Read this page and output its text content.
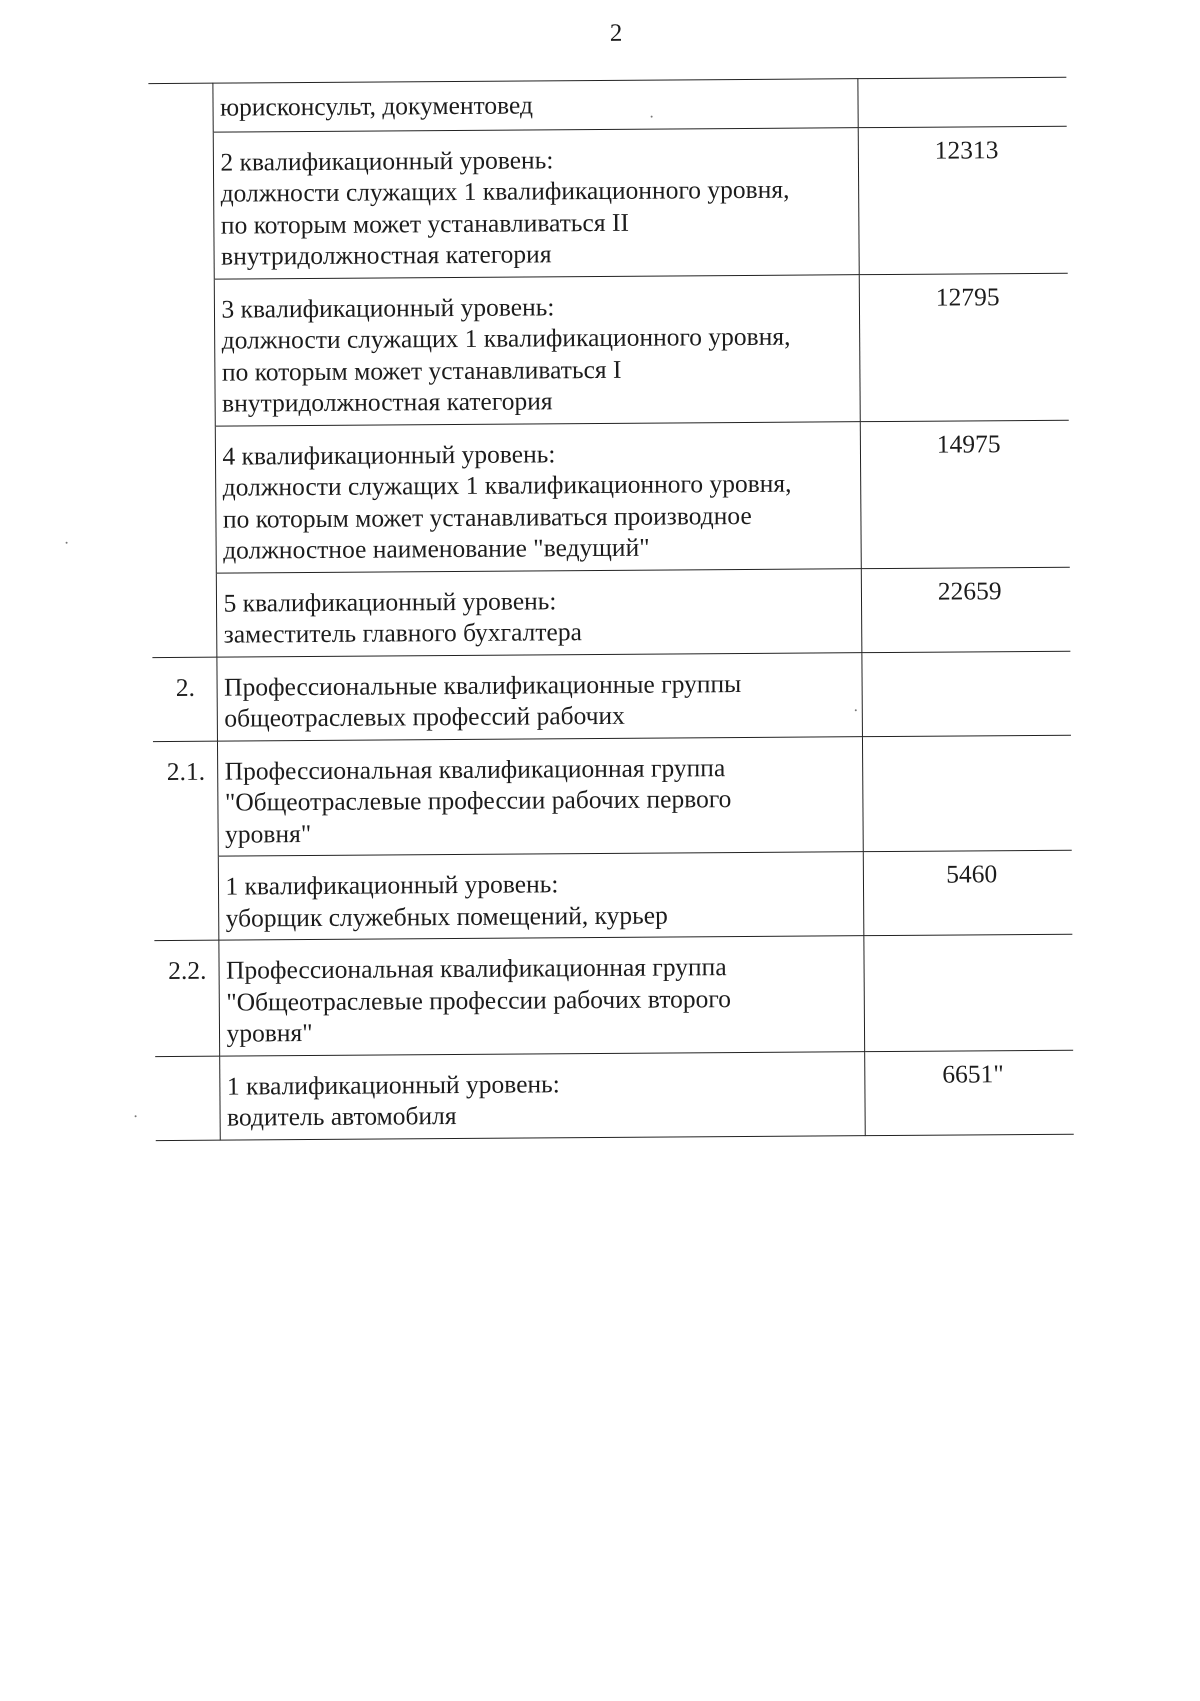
2

	юрисконсульт, документовед	

	2 квалификационный уровень:
должности служащих 1 квалификационного уровня,
по которым может устанавливаться II
внутридолжностная категория	12313

	3 квалификационный уровень:
должности служащих 1 квалификационного уровня,
по которым может устанавливаться I
внутридолжностная категория	12795

	4 квалификационный уровень:
должности служащих 1 квалификационного уровня,
по которым может устанавливаться производное
должностное наименование "ведущий"	14975

	5 квалификационный уровень:
заместитель главного бухгалтера	22659
2.	Профессиональные квалификационные группы
общеотраслевых профессий рабочих	

2.1.	Профессиональная квалификационная группа
"Общеотраслевые профессии рабочих первого
уровня"	

	1 квалификационный уровень:
уборщик служебных помещений, курьер	5460
2.2.	Профессиональная квалификационная группа
"Общеотраслевые профессии рабочих второго
уровня"	

	1 квалификационный уровень:
водитель автомобиля	6651"
